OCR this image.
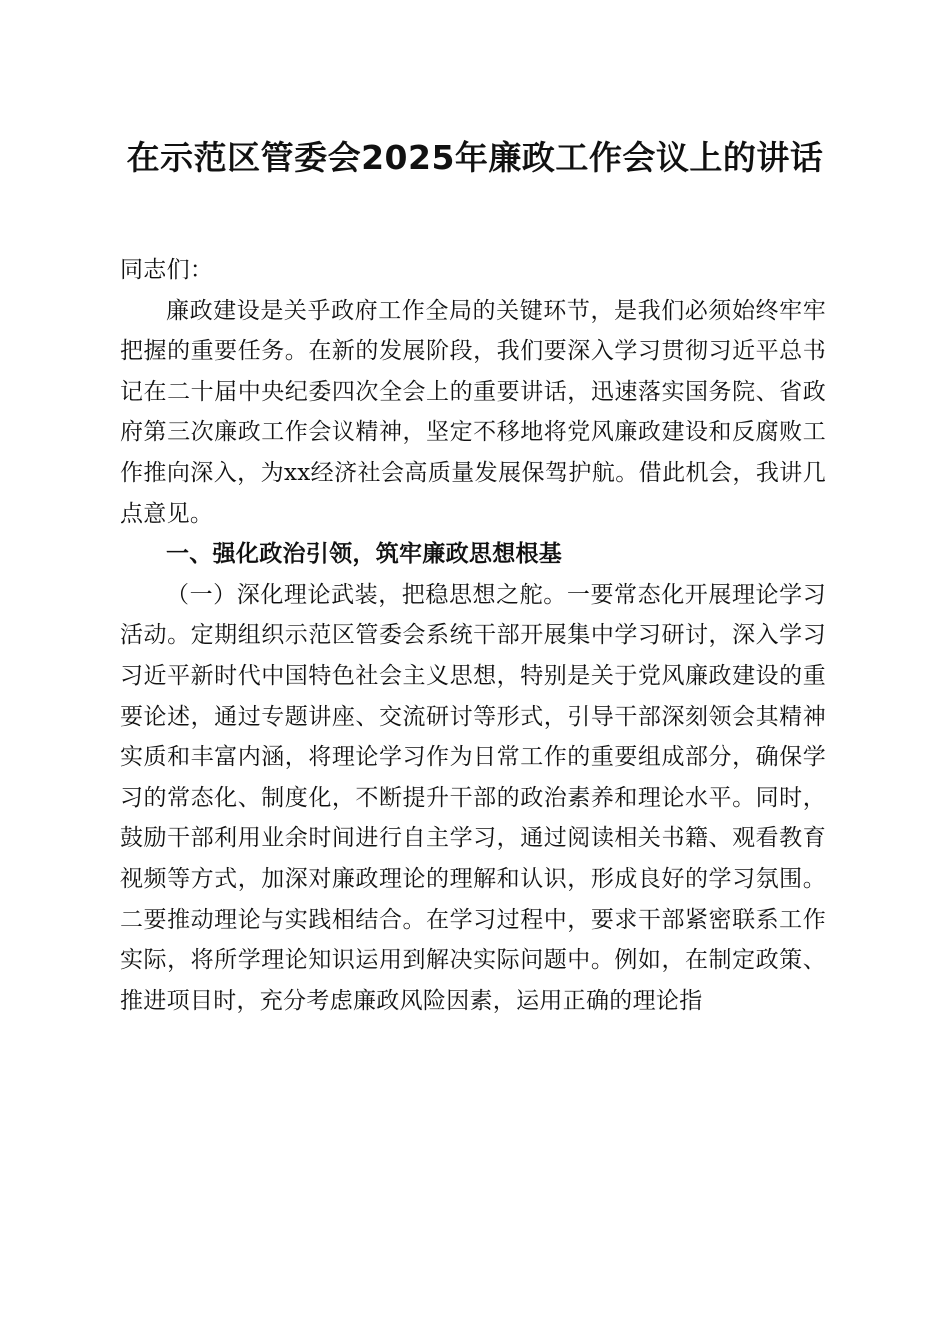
在示范区管委会2025年廉政工作会议上的讲话

同志们：

廉政建设是关乎政府工作全局的关键环节，是我们必须始终牢牢把握的重要任务。在新的发展阶段，我们要深入学习贯彻习近平总书记在二十届中央纪委四次全会上的重要讲话，迅速落实国务院、省政府第三次廉政工作会议精神，坚定不移地将党风廉政建设和反腐败工作推向深入，为xx经济社会高质量发展保驾护航。借此机会，我讲几点意见。

一、强化政治引领，筑牢廉政思想根基

（一）深化理论武装，把稳思想之舵。一要常态化开展理论学习活动。定期组织示范区管委会系统干部开展集中学习研讨，深入学习习近平新时代中国特色社会主义思想，特别是关于党风廉政建设的重要论述，通过专题讲座、交流研讨等形式，引导干部深刻领会其精神实质和丰富内涵，将理论学习作为日常工作的重要组成部分，确保学习的常态化、制度化，不断提升干部的政治素养和理论水平。同时，鼓励干部利用业余时间进行自主学习，通过阅读相关书籍、观看教育视频等方式，加深对廉政理论的理解和认识，形成良好的学习氛围。二要推动理论与实践相结合。在学习过程中，要求干部紧密联系工作实际，将所学理论知识运用到解决实际问题中。例如，在制定政策、推进项目时，充分考虑廉政风险因素，运用正确的理论指
